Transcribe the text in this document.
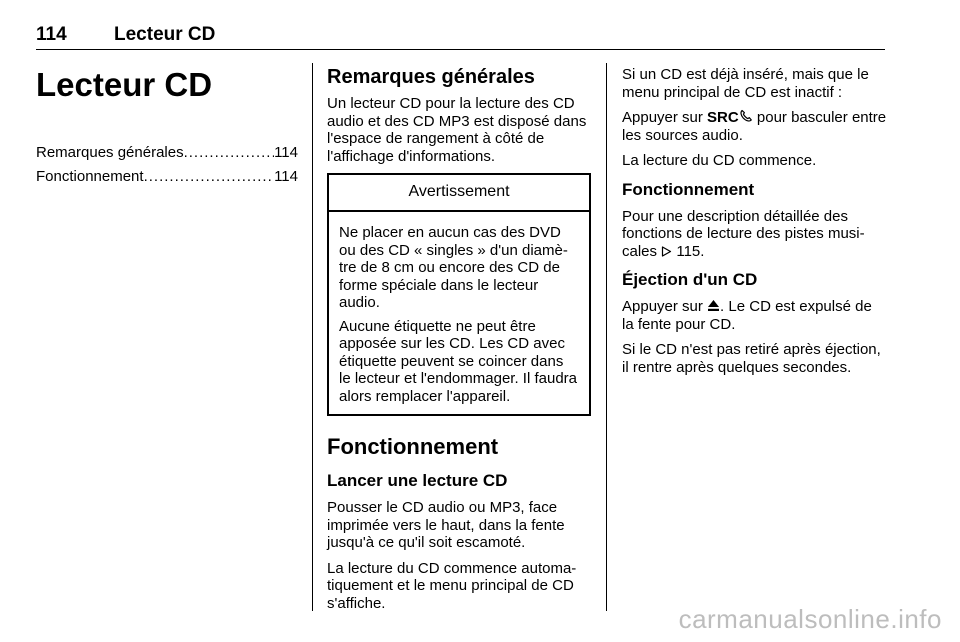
114 Lecteur CD
Lecteur CD
Remarques générales .....	114
Fonctionnement .....	114
Remarques générales

Un lecteur CD pour la lecture des CD audio et des CD MP3 est disposé dans l'espace de rangement à côté de l'affichage d'informations.

Avertissement

Ne placer en aucun cas des DVD ou des CD « singles » d'un diamètre de 8 cm ou encore des CD de forme spéciale dans le lecteur audio.

Aucune étiquette ne peut être apposée sur les CD. Les CD avec étiquette peuvent se coincer dans le lecteur et l'endommager. Il faudra alors remplacer l'appareil.

Fonctionnement
Lancer une lecture CD

Pousser le CD audio ou MP3, face imprimée vers le haut, dans la fente jusqu'à ce qu'il soit escamoté.

La lecture du CD commence automatiquement et le menu principal de CD s'affiche.

Si un CD est déjà inséré, mais que le menu principal de CD est inactif :

Appuyer sur SRC pour basculer entre les sources audio.

La lecture du CD commence.

Fonctionnement

Pour une description détaillée des fonctions de lecture des pistes musicales  115.

Éjection d'un CD

Appuyer sur . Le CD est expulsé de la fente pour CD.

Si le CD n'est pas retiré après éjection, il rentre après quelques secondes.

carmanualsonline.info
